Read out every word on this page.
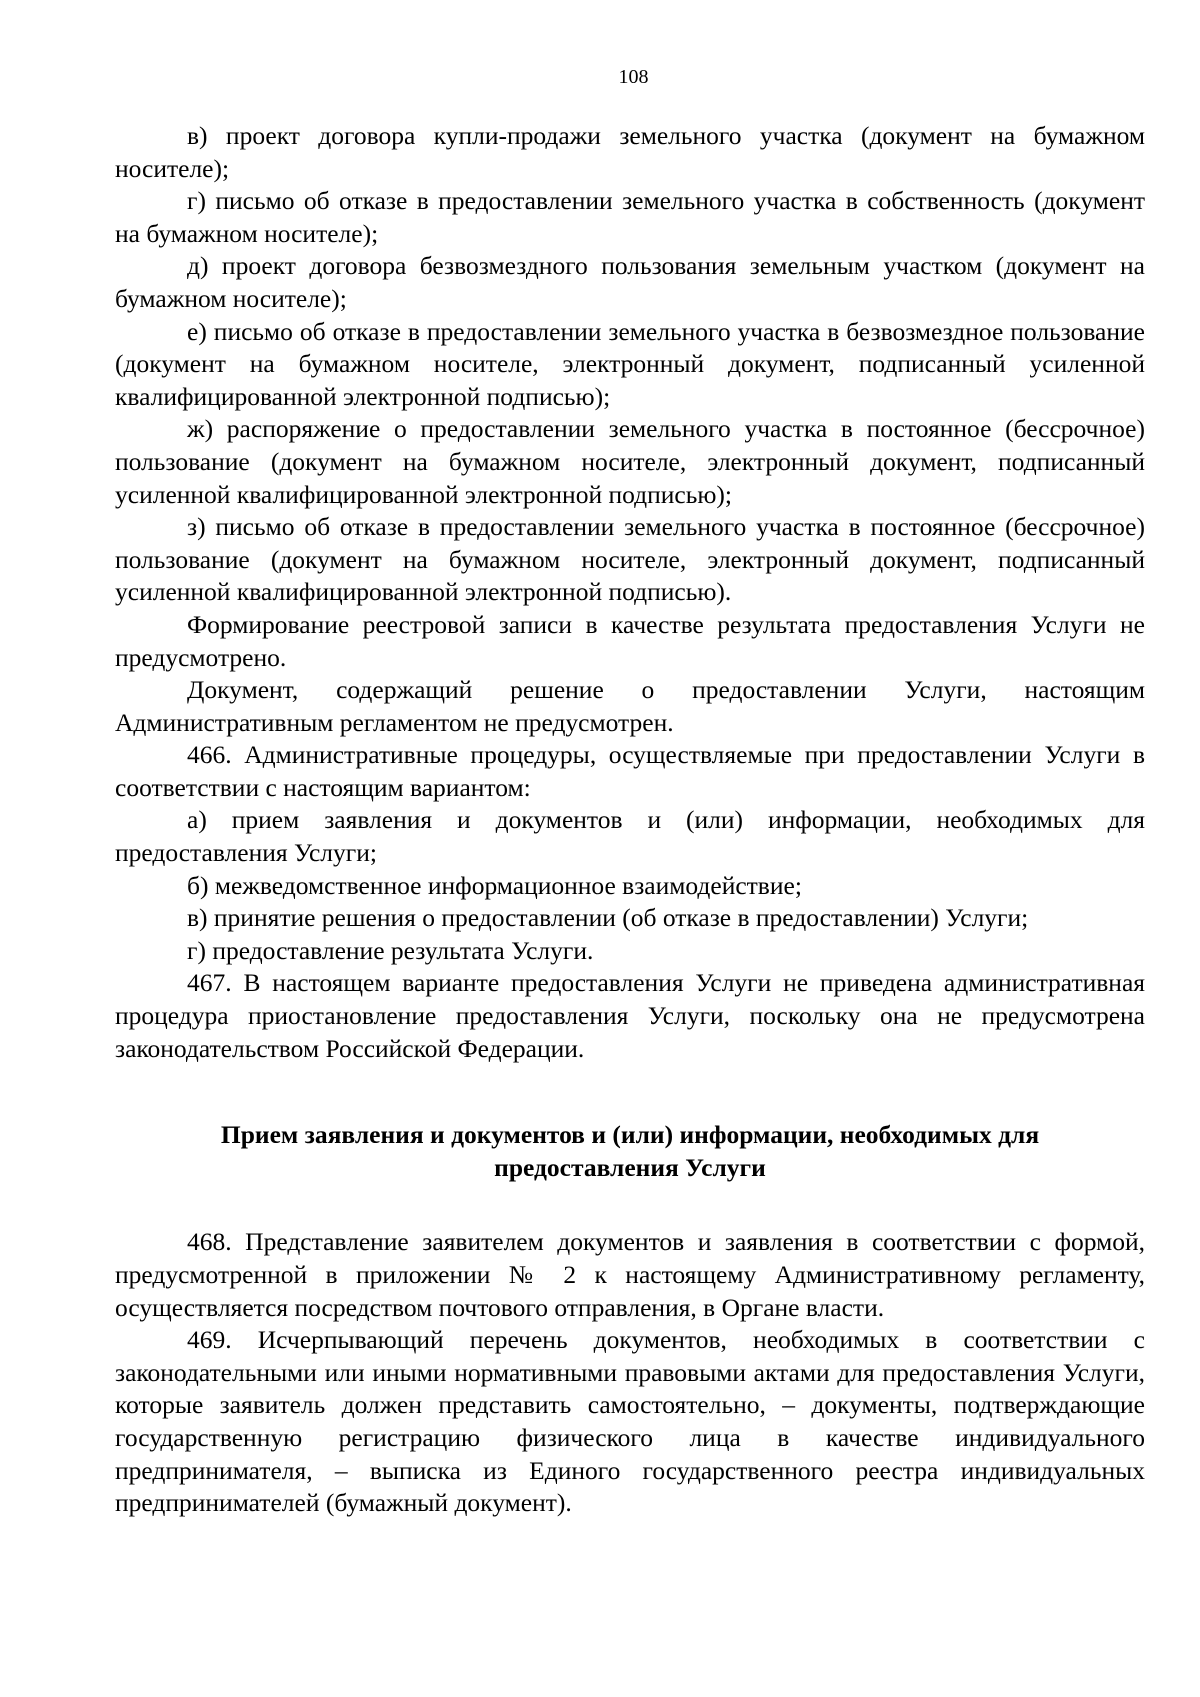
108

в) проект договора купли-продажи земельного участка (документ на бумажном носителе);

г) письмо об отказе в предоставлении земельного участка в собственность (документ на бумажном носителе);

д) проект договора безвозмездного пользования земельным участком (документ на бумажном носителе);

е) письмо об отказе в предоставлении земельного участка в безвозмездное пользование (документ на бумажном носителе, электронный документ, подписанный усиленной квалифицированной электронной подписью);

ж) распоряжение о предоставлении земельного участка в постоянное (бессрочное) пользование (документ на бумажном носителе, электронный документ, подписанный усиленной квалифицированной электронной подписью);

з) письмо об отказе в предоставлении земельного участка в постоянное (бессрочное) пользование (документ на бумажном носителе, электронный документ, подписанный усиленной квалифицированной электронной подписью).

Формирование реестровой записи в качестве результата предоставления Услуги не предусмотрено.

Документ, содержащий решение о предоставлении Услуги, настоящим Административным регламентом не предусмотрен.

466. Административные процедуры, осуществляемые при предоставлении Услуги в соответствии с настоящим вариантом:

а) прием заявления и документов и (или) информации, необходимых для предоставления Услуги;

б) межведомственное информационное взаимодействие;

в) принятие решения о предоставлении (об отказе в предоставлении) Услуги;

г) предоставление результата Услуги.

467. В настоящем варианте предоставления Услуги не приведена административная процедура приостановление предоставления Услуги, поскольку она не предусмотрена законодательством Российской Федерации.

Прием заявления и документов и (или) информации, необходимых для
предоставления Услуги

468. Представление заявителем документов и заявления в соответствии с формой, предусмотренной в приложении № 2 к настоящему Административному регламенту, осуществляется посредством почтового отправления, в Органе власти.

469. Исчерпывающий перечень документов, необходимых в соответствии с законодательными или иными нормативными правовыми актами для предоставления Услуги, которые заявитель должен представить самостоятельно, – документы, подтверждающие государственную регистрацию физического лица в качестве индивидуального предпринимателя, – выписка из Единого государственного реестра индивидуальных предпринимателей (бумажный документ).
